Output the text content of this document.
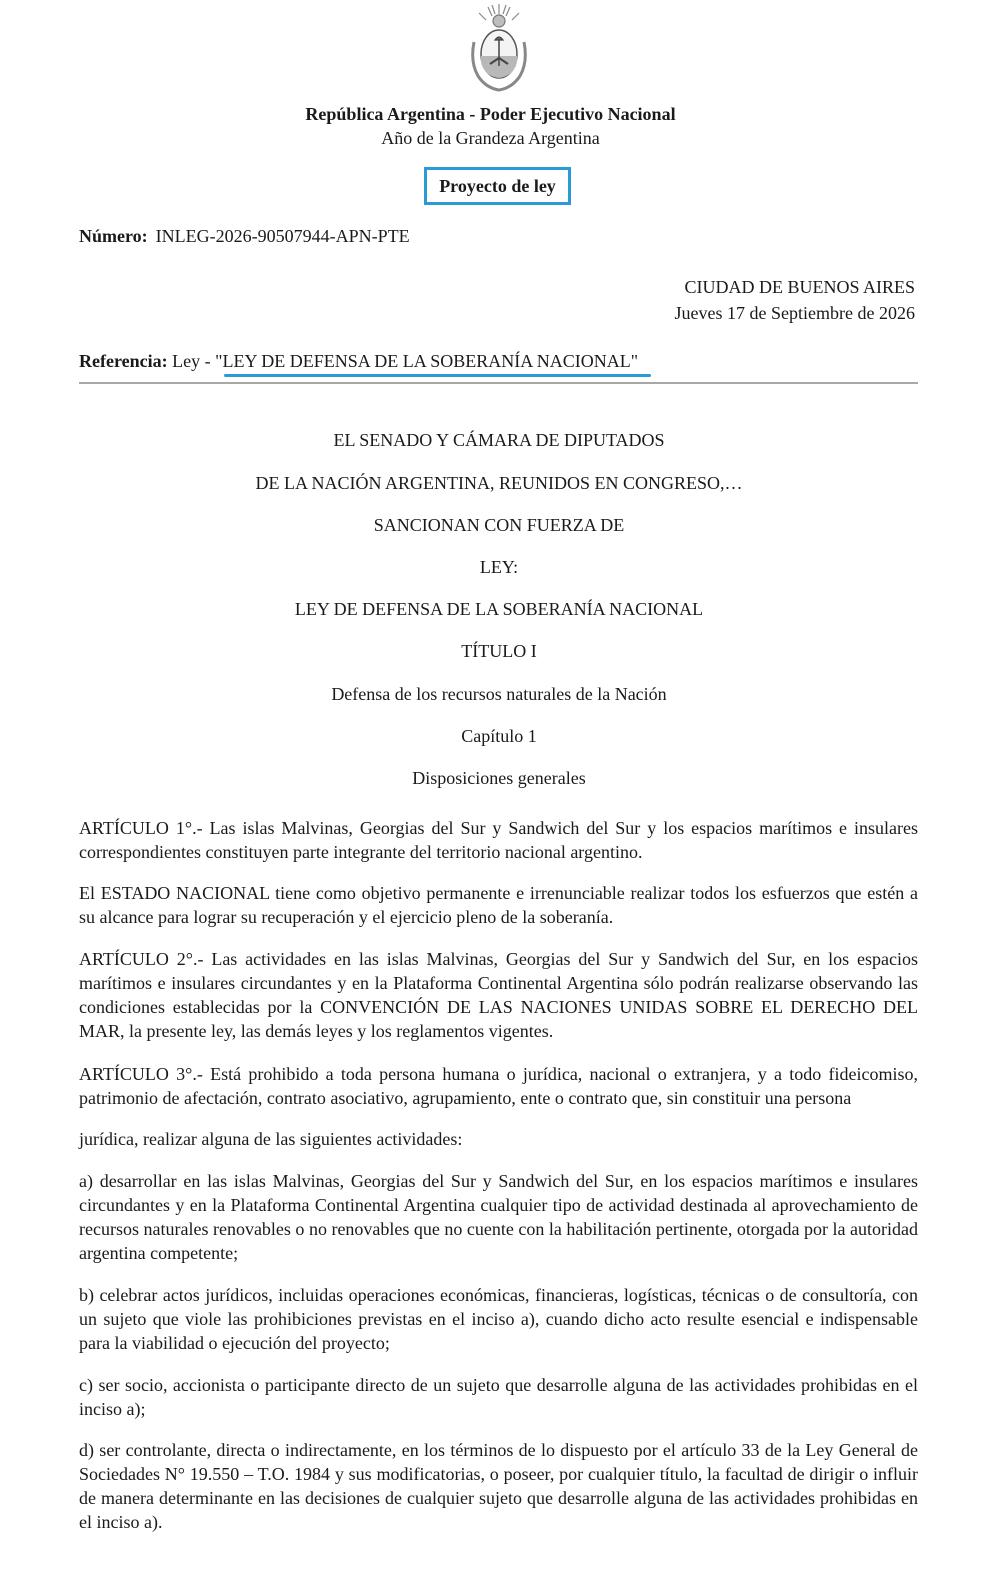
República Argentina - Poder Ejecutivo Nacional
Año de la Grandeza Argentina
Proyecto de ley
Número: INLEG-2026-90507944-APN-PTE
CIUDAD DE BUENOS AIRES
Jueves 17 de Septiembre de 2026
Referencia: Ley - "LEY DE DEFENSA DE LA SOBERANÍA NACIONAL"
EL SENADO Y CÁMARA DE DIPUTADOS
DE LA NACIÓN ARGENTINA, REUNIDOS EN CONGRESO,…
SANCIONAN CON FUERZA DE
LEY:
LEY DE DEFENSA DE LA SOBERANÍA NACIONAL
TÍTULO I
Defensa de los recursos naturales de la Nación
Capítulo 1
Disposiciones generales

ARTÍCULO 1°.- Las islas Malvinas, Georgias del Sur y Sandwich del Sur y los espacios marítimos e insulares correspondientes constituyen parte integrante del territorio nacional argentino.

El ESTADO NACIONAL tiene como objetivo permanente e irrenunciable realizar todos los esfuerzos que estén a su alcance para lograr su recuperación y el ejercicio pleno de la soberanía.

ARTÍCULO 2°.- Las actividades en las islas Malvinas, Georgias del Sur y Sandwich del Sur, en los espacios marítimos e insulares circundantes y en la Plataforma Continental Argentina sólo podrán realizarse observando las condiciones establecidas por la CONVENCIÓN DE LAS NACIONES UNIDAS SOBRE EL DERECHO DEL MAR, la presente ley, las demás leyes y los reglamentos vigentes.

ARTÍCULO 3°.- Está prohibido a toda persona humana o jurídica, nacional o extranjera, y a todo fideicomiso, patrimonio de afectación, contrato asociativo, agrupamiento, ente o contrato que, sin constituir una persona

jurídica, realizar alguna de las siguientes actividades:

a) desarrollar en las islas Malvinas, Georgias del Sur y Sandwich del Sur, en los espacios marítimos e insulares circundantes y en la Plataforma Continental Argentina cualquier tipo de actividad destinada al aprovechamiento de recursos naturales renovables o no renovables que no cuente con la habilitación pertinente, otorgada por la autoridad argentina competente;

b) celebrar actos jurídicos, incluidas operaciones económicas, financieras, logísticas, técnicas o de consultoría, con un sujeto que viole las prohibiciones previstas en el inciso a), cuando dicho acto resulte esencial e indispensable para la viabilidad o ejecución del proyecto;

c) ser socio, accionista o participante directo de un sujeto que desarrolle alguna de las actividades prohibidas en el inciso a);

d) ser controlante, directa o indirectamente, en los términos de lo dispuesto por el artículo 33 de la Ley General de Sociedades N° 19.550 – T.O. 1984 y sus modificatorias, o poseer, por cualquier título, la facultad de dirigir o influir de manera determinante en las decisiones de cualquier sujeto que desarrolle alguna de las actividades prohibidas en el inciso a).
